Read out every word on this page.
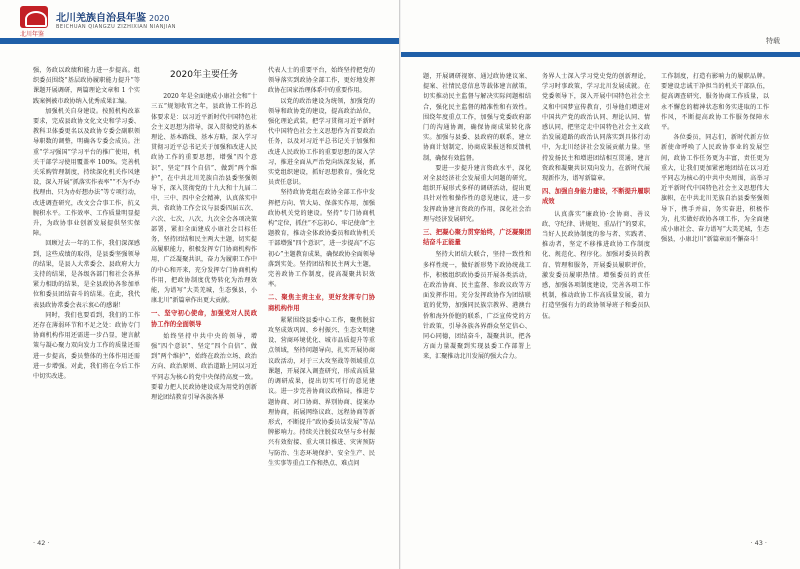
北川年鉴
北川羌族自治县年鉴 2020
BEICHUAN QIANGZU ZIZHIXIAN NIANJIAN

强，务政以政绩和能力进一步提高。组织委员围绕“基层政协履职能力提升”等课题开展调研，两篇理论文章和 1 个实践案例被市政协纳入优秀成果汇编。

加强机关自身建设。按照机构改革要求，完成县政协文化文史和学习委、教科卫体委更名以及政协专委会副职领导职数的调整，明确各专委会成员。注重“学习强国”学习平台的推广使用，机关干部学习使用覆盖率 100%。完善机关采购管理制度，持续深化机关作风建设，深入开展“抓落实作表率”“不为不办找理由、只为办好想办法”等专项行动，改进调查研究，改文会合事工作，抗义腕积水平。工作效率、工作质量明显提升，为政协事业创新发展提供坚实保障。

回顾过去一年的工作，我们深深感到，这些成绩的取得，是县委坚强领导的结果，是县人大常委会、县政府大力支持的结果，是各级各部门和社会各界紧力相助的结果，是全县政协各参加单位和委员团结奋斗的结果。在此，我代表县政协常委会表示衷心的感谢！

同时，我们也要看到，我们的工作还存在薄弱环节和不足之处：政协专门协商机构作用还需进一步凸显，建言献策与凝心聚力双向发力工作的质量还需进一步提高，委员整体的主体作用还需进一步增强。对此，我们将在今后工作中切实改进。

2020年主要任务

2020 年是全面建成小康社会和“十三五”规划收官之年，县政协工作的总体要求是：以习近平新时代中国特色社会主义思想为指导，深入贯彻党的基本理论、基本路线、基本方略，深入学习贯彻习近平总书记关于加强和改进人民政协工作的重要思想，增强“四个意识”、坚定“四个自信”、做到“两个维护”，在中共北川羌族自治县委坚强领导下，深入贯彻党的十九大和十九届二中、三中、四中全会精神，认真落实中共、省政协工作会议与县委四届五次、六次、七次、八次、九次全会各项决策部署，紧扣全面建成小康社会目标任务，坚持团结和民主两大主题，切实提高履职能力，积极发挥专门协商机构作用，广泛凝聚共识，奋力为履职工作中的中心和开来，充分发挥专门协商机构作用，把政协制度优势转化为治理效能，为谱写“大美羌城，生态强县，小康北川”新篇章作出更大贡献。

一、坚守初心使命，加强党对人民政协工作的全面领导

始终坚持中共中央的领导，增强“四个意识”、坚定“四个自信”、做到“两个维护”，始终在政治立场、政治方向、政治原则、政治道路上同以习近平同志为核心的党中央保持高度一致。要着力把人民政协建设成为用党的创新理论团结教育引导各族各界

代表人士的重要平台，始终坚持把党的领导落实到政协全部工作，更好地发挥政协在国家治理体系中的重要作用。

以党的政治建设为统领，加强党的领导和政协党的建设，提高政治站位，强化理论武装，把学习贯彻习近平新时代中国特色社会主义思想作为首要政治任务，以及对习近平总书记关于加强和改进人民政协工作的重要思想的深入学习，推进全面从严治党向纵深发展，抓实党组织建设，抓好思想教育，强化党员责任意识。

坚持政协党组在政协全部工作中发挥把方向、管大局、保落实作用，加强政协机关党的建设。坚持“专门协商机构”定位，抓住“不忘初心、牢记使命”主题教育，推动全体政协委员和政协机关干部增强“四个意识”，进一步提高“不忘初心”主题教育成果，确保政协全面领导落到实处。坚持团结和民主两大主题，完善政协工作制度，提高凝聚共识效率。

二、聚焦主责主业，更好发挥专门协商机构作用

紧紧围绕县委中心工作，聚焦脱贫攻坚成效巩固、乡村振兴、生态文明建设、营商环境优化、城市品质提升等重点领域，坚持问题导向，扎实开展协商议政活动，对于三大攻坚战等领域重点课题，开展深入调查研究，形成高质量的调研成果，提出切实可行的意见建议。进一步完善协商议政格局，推进专题协商、对口协商、界别协商、提案办理协商，拓展网络议政、远程协商等新形式，不断提升“政协委员话发展”等品牌影响力。持续关注脱贫攻坚与乡村振兴有效衔接、重大项目推进、灾害预防与防治、生态环境保护、安全生产、民生实事等重点工作和热点、难点问

· 42 ·
特载

题，开展调研视察、通过政协建议案、提案、社情民意信息等载体建言献策，切实推动民主监督与解决实际问题相结合，强化民主监督的精准性和有效性。围绕年度重点工作，加强与党委政府部门的沟通协调，确保协商成果转化落实。加强与县委、县政府的联系，建立协商计划制定、协商成果报送和反馈机制，确保有效监督。

要进一步提升建言资政水平，深化对全县经济社会发展重大问题的研究，组织开展形式多样的调研活动，提出更具针对性和操作性的意见建议，进一步发挥政协建言资政的作用，深化社会治理与经济发展研究。

三、把凝心聚力贯穿始终，广泛凝聚团结奋斗正能量

坚持大团结大联合，坚持一致性和多样性统一，做好新形势下政协统战工作，积极组织政协委员开展各类活动，在政治协商、民主监督、参政议政等方面发挥作用。充分发挥政协作为团结联谊的优势，加强同民族宗教界、港澳台侨和海外侨胞的联系，广泛宣传党的方针政策，引导各族各界群众坚定信心、同心同德，团结奋斗，凝聚共识，把各方面力量凝聚到实现县委工作部署上来，汇聚推动北川发展的强大合力。

务界人士深入学习党史党的创新理论，学习时事政策，学习北川发展成就。在党委领导下，深入开展中国特色社会主义和中国梦宣传教育，引导他们增进对中国共产党的政治认同、理论认同、情感认同，把坚定走中国特色社会主义政治发展道路的政治认同落实到具体行动中，为北川经济社会发展贡献力量。坚持发扬民主和增进团结相互贯通，建言资政和凝聚共识双向发力，在新时代展现新作为，谱写新篇章。

四、加强自身能力建设，不断提升履职成效

认真落实“廉政协·会协商、善议政、守纪律、讲规矩、重品行”的要求，当好人民政协制度的参与者、实践者、推动者，坚定不移推进政协工作制度化、规范化、程序化。加强对委员的教育、管理和服务，开展委员履职评价，激发委员履职热情。增强委员的责任感，加强各项制度建设，完善各项工作机制，推动政协工作高质量发展，着力打造坚强有力的政协领导班子和委员队伍。

工作制度，打造有影响力的履职品牌。要建设忠诚干净担当的机关干部队伍，提高调查研究、服务协商工作质量，以永不懈怠的精神状态和务实进取的工作作风，不断提高政协工作服务保障水平。

各位委员，同志们，新时代新方位新使命呼唤了人民政协事业的发展空间，政协工作任务更为丰富，责任更为重大，让我们更加紧密地团结在以习近平同志为核心的中共中央周围，高举习近平新时代中国特色社会主义思想伟大旗帜，在中共北川羌族自治县委坚强领导下，携手并肩，务实奋进，积极作为，扎实做好政协各项工作，为全面建成小康社会、奋力谱写“大美羌城，生态强县，小康北川”新篇章而不懈奋斗！

· 43 ·
